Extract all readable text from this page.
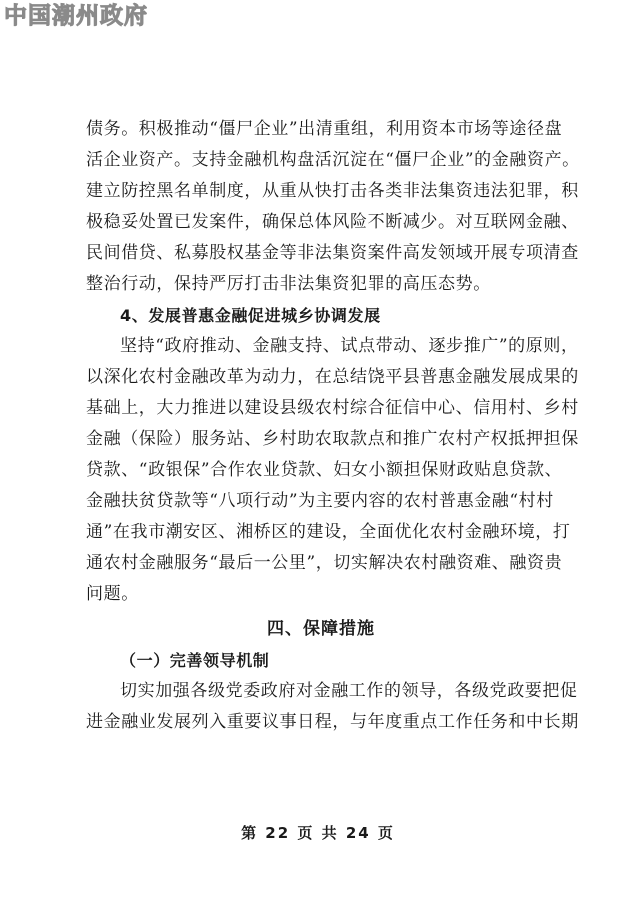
中国潮州政府
债务。积极推动“僵尸企业”出清重组，利用资本市场等途径盘
活企业资产。支持金融机构盘活沉淀在“僵尸企业”的金融资产。
建立防控黑名单制度，从重从快打击各类非法集资违法犯罪，积
极稳妥处置已发案件，确保总体风险不断减少。对互联网金融、
民间借贷、私募股权基金等非法集资案件高发领域开展专项清查
整治行动，保持严厉打击非法集资犯罪的高压态势。
4、发展普惠金融促进城乡协调发展
坚持“政府推动、金融支持、试点带动、逐步推广”的原则，
以深化农村金融改革为动力，在总结饶平县普惠金融发展成果的
基础上，大力推进以建设县级农村综合征信中心、信用村、乡村
金融（保险）服务站、乡村助农取款点和推广农村产权抵押担保
贷款、“政银保”合作农业贷款、妇女小额担保财政贴息贷款、
金融扶贫贷款等“八项行动”为主要内容的农村普惠金融“村村
通”在我市潮安区、湘桥区的建设，全面优化农村金融环境，打
通农村金融服务“最后一公里”，切实解决农村融资难、融资贵
问题。
四、保障措施
（一）完善领导机制
切实加强各级党委政府对金融工作的领导，各级党政要把促
进金融业发展列入重要议事日程，与年度重点工作任务和中长期
第 22 页 共 24 页
